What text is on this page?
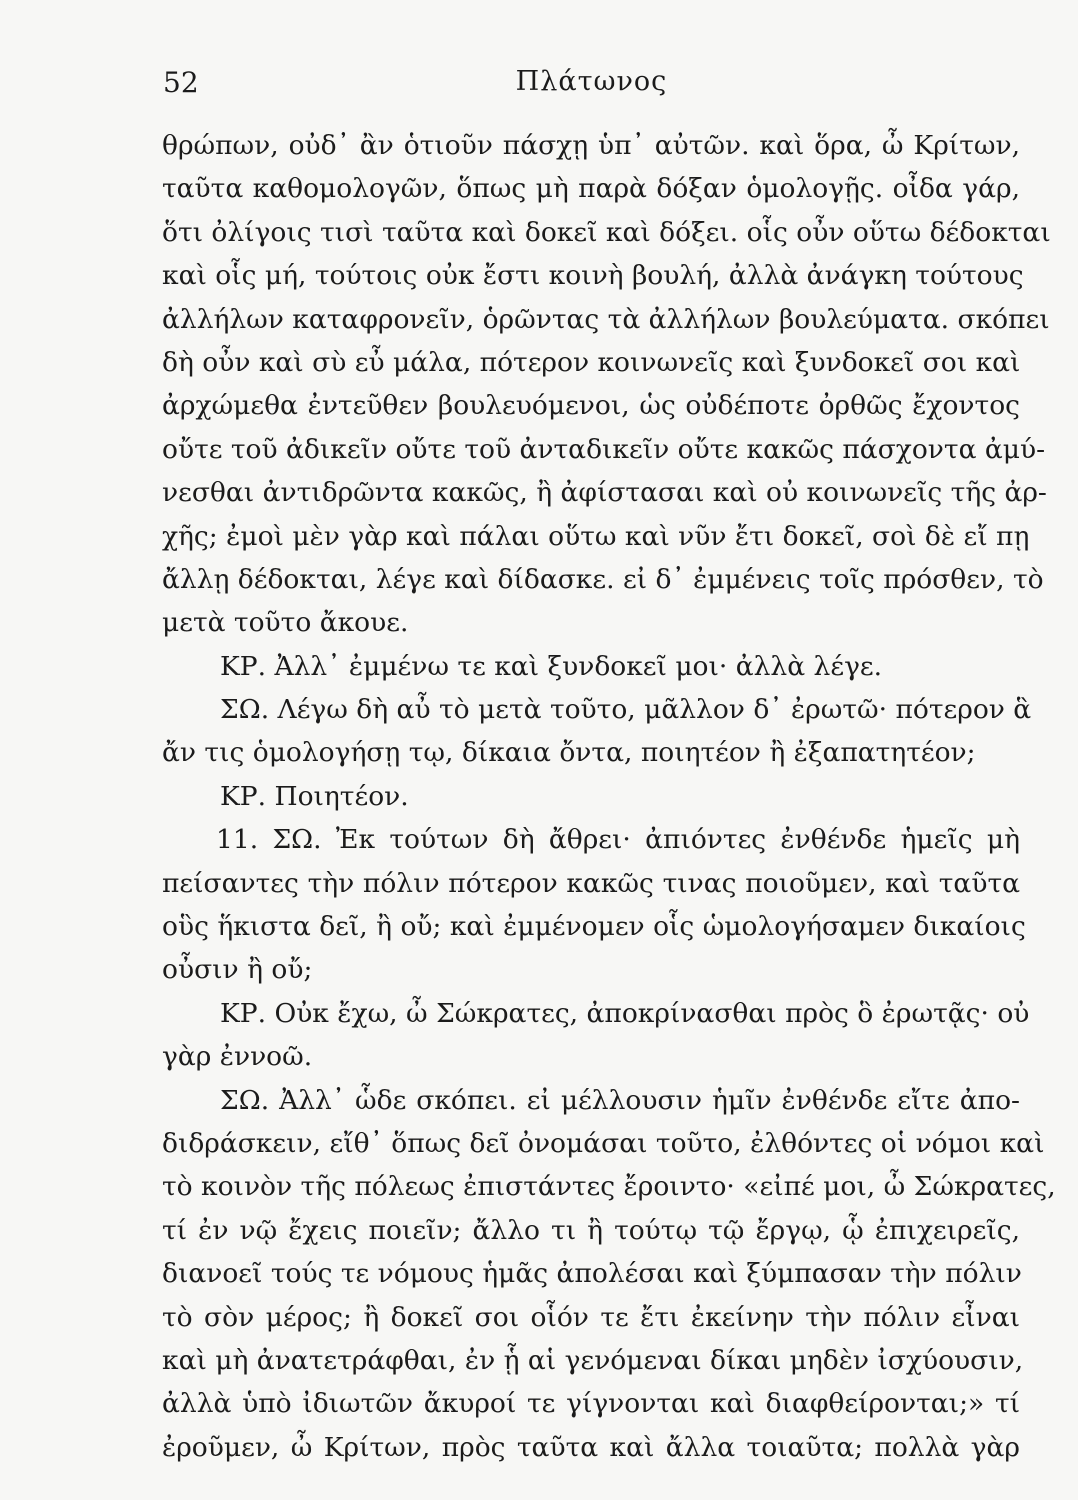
52	Πλάτωνος
θρώπων, οὐδ᾽ ἂν ὁτιοῦν πάσχῃ ὑπ᾽ αὐτῶν. καὶ ὅρα, ὦ Κρίτων,
ταῦτα καθομολογῶν, ὅπως μὴ παρὰ δόξαν ὁμολογῇς. οἶδα γάρ,
ὅτι ὀλίγοις τισὶ ταῦτα καὶ δοκεῖ καὶ δόξει. οἷς οὖν οὕτω δέδοκται
καὶ οἷς μή, τούτοις οὐκ ἔστι κοινὴ βουλή, ἀλλὰ ἀνάγκη τούτους
ἀλλήλων καταφρονεῖν, ὁρῶντας τὰ ἀλλήλων βουλεύματα. σκόπει
δὴ οὖν καὶ σὺ εὖ μάλα, πότερον κοινωνεῖς καὶ ξυνδοκεῖ σοι καὶ
ἀρχώμεθα ἐντεῦθεν βουλευόμενοι, ὡς οὐδέποτε ὀρθῶς ἔχοντος
οὔτε τοῦ ἀδικεῖν οὔτε τοῦ ἀνταδικεῖν οὔτε κακῶς πάσχοντα ἀμύ-
νεσθαι ἀντιδρῶντα κακῶς, ἢ ἀφίστασαι καὶ οὐ κοινωνεῖς τῆς ἀρ-
χῆς; ἐμοὶ μὲν γὰρ καὶ πάλαι οὕτω καὶ νῦν ἔτι δοκεῖ, σοὶ δὲ εἴ πῃ
ἄλλῃ δέδοκται, λέγε καὶ δίδασκε. εἰ δ᾽ ἐμμένεις τοῖς πρόσθεν, τὸ
μετὰ τοῦτο ἄκουε.
ΚΡ. Ἀλλ᾽ ἐμμένω τε καὶ ξυνδοκεῖ μοι· ἀλλὰ λέγε.
ΣΩ. Λέγω δὴ αὖ τὸ μετὰ τοῦτο, μᾶλλον δ᾽ ἐρωτῶ· πότερον ἃ
ἄν τις ὁμολογήσῃ τῳ, δίκαια ὄντα, ποιητέον ἢ ἐξαπατητέον;
ΚΡ. Ποιητέον.
11. ΣΩ. Ἐκ τούτων δὴ ἄθρει· ἀπιόντες ἐνθένδε ἡμεῖς μὴ
πείσαντες τὴν πόλιν πότερον κακῶς τινας ποιοῦμεν, καὶ ταῦτα
οὓς ἥκιστα δεῖ, ἢ οὔ; καὶ ἐμμένομεν οἷς ὡμολογήσαμεν δικαίοις
οὖσιν ἢ οὔ;
ΚΡ. Οὐκ ἔχω, ὦ Σώκρατες, ἀποκρίνασθαι πρὸς ὃ ἐρωτᾷς· οὐ
γὰρ ἐννοῶ.
ΣΩ. Ἀλλ᾽ ὧδε σκόπει. εἰ μέλλουσιν ἡμῖν ἐνθένδε εἴτε ἀπο-
διδράσκειν, εἴθ᾽ ὅπως δεῖ ὀνομάσαι τοῦτο, ἐλθόντες οἱ νόμοι καὶ
τὸ κοινὸν τῆς πόλεως ἐπιστάντες ἔροιντο· «εἰπέ μοι, ὦ Σώκρατες,
τί ἐν νῷ ἔχεις ποιεῖν; ἄλλο τι ἢ τούτῳ τῷ ἔργῳ, ᾧ ἐπιχειρεῖς,
διανοεῖ τούς τε νόμους ἡμᾶς ἀπολέσαι καὶ ξύμπασαν τὴν πόλιν
τὸ σὸν μέρος; ἢ δοκεῖ σοι οἷόν τε ἔτι ἐκείνην τὴν πόλιν εἶναι
καὶ μὴ ἀνατετράφθαι, ἐν ᾗ αἱ γενόμεναι δίκαι μηδὲν ἰσχύουσιν,
ἀλλὰ ὑπὸ ἰδιωτῶν ἄκυροί τε γίγνονται καὶ διαφθείρονται;» τί
ἐροῦμεν, ὦ Κρίτων, πρὸς ταῦτα καὶ ἄλλα τοιαῦτα; πολλὰ γὰρ
